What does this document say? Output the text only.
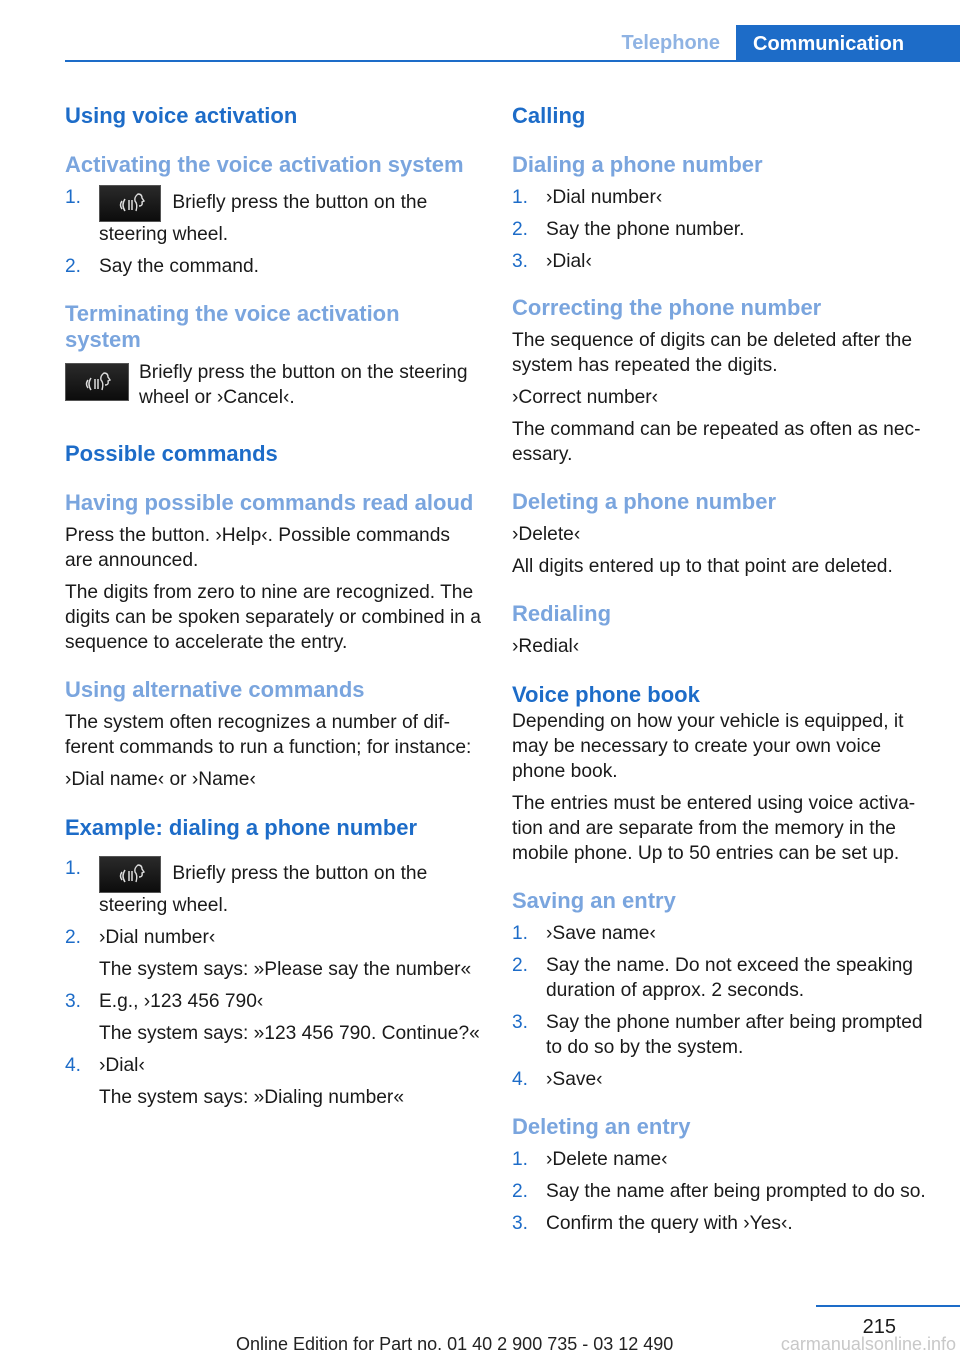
Telephone	Communication
Using voice activation
Activating the voice activation system
1.	Briefly press the button on the steering wheel.
2. Say the command.
Terminating the voice activation system
Briefly press the button on the steering wheel or ›Cancel‹.
Possible commands
Having possible commands read aloud

Press the button. ›Help‹. Possible commands are announced.

The digits from zero to nine are recognized. The digits can be spoken separately or combined in a sequence to accelerate the entry.

Using alternative commands

The system often recognizes a number of different commands to run a function; for instance:

›Dial name‹ or ›Name‹

Example: dialing a phone number
1.	Briefly press the button on the steering wheel.
2. ›Dial number‹
The system says: »Please say the number«
3. E.g., ›123 456 790‹
The system says: »123 456 790. Continue?«
4. ›Dial‹
The system says: »Dialing number«
Calling
Dialing a phone number
1. ›Dial number‹
2. Say the phone number.
3. ›Dial‹
Correcting the phone number

The sequence of digits can be deleted after the system has repeated the digits.

›Correct number‹

The command can be repeated as often as necessary.

Deleting a phone number

›Delete‹

All digits entered up to that point are deleted.

Redialing

›Redial‹

Voice phone book

Depending on how your vehicle is equipped, it may be necessary to create your own voice phone book.

The entries must be entered using voice activation and are separate from the memory in the mobile phone. Up to 50 entries can be set up.

Saving an entry
1. ›Save name‹
2. Say the name. Do not exceed the speaking duration of approx. 2 seconds.
3. Say the phone number after being prompted to do so by the system.
4. ›Save‹
Deleting an entry
1. ›Delete name‹
2. Say the name after being prompted to do so.
3. Confirm the query with ›Yes‹.
215
Online Edition for Part no. 01 40 2 900 735 - 03 12 490	carmanualsonline.info
